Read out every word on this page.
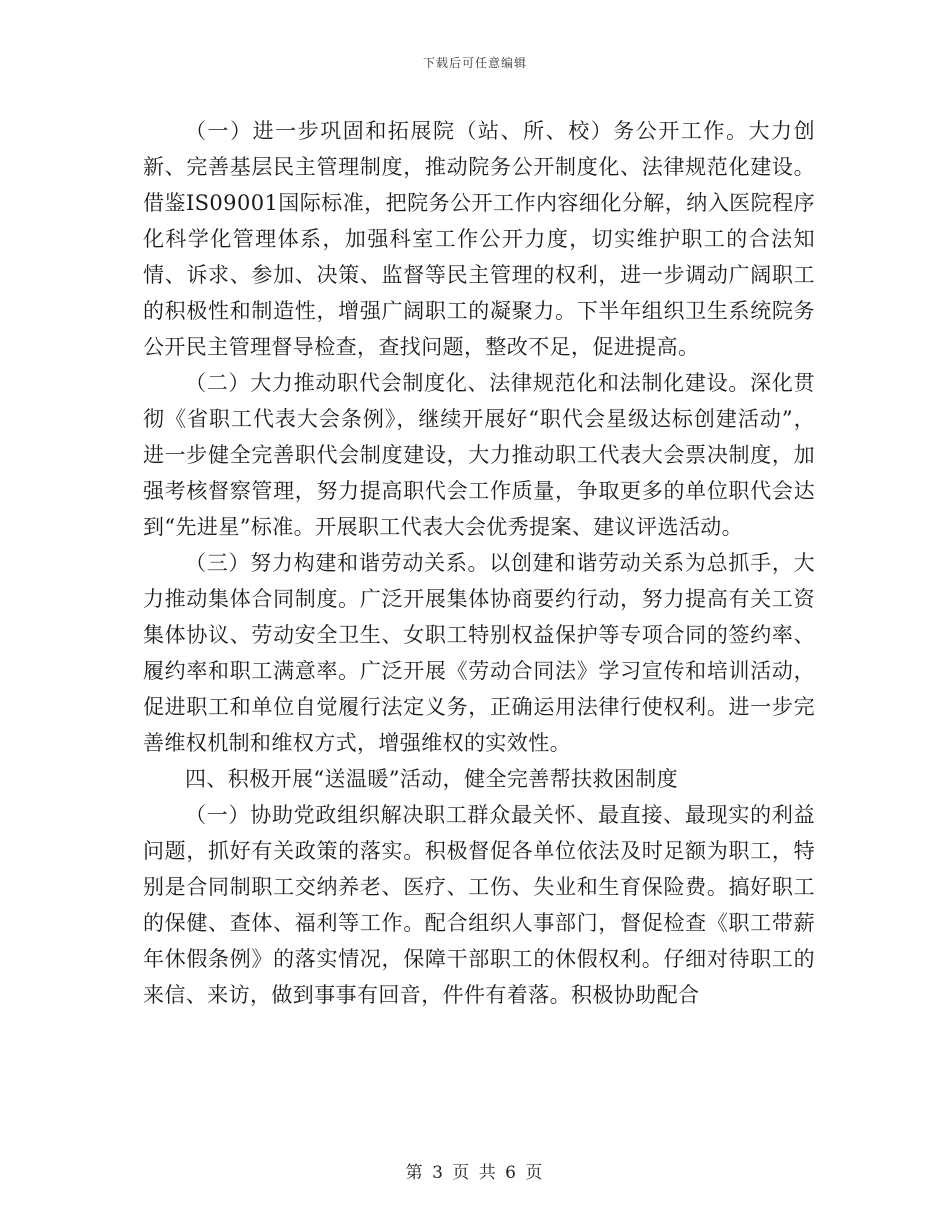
下载后可任意编辑

（一）进一步巩固和拓展院（站、所、校）务公开工作。大力创新、完善基层民主管理制度，推动院务公开制度化、法律规范化建设。借鉴IS09001国际标准，把院务公开工作内容细化分解，纳入医院程序化科学化管理体系，加强科室工作公开力度，切实维护职工的合法知情、诉求、参加、决策、监督等民主管理的权利，进一步调动广阔职工的积极性和制造性，增强广阔职工的凝聚力。下半年组织卫生系统院务公开民主管理督导检查，查找问题，整改不足，促进提高。

（二）大力推动职代会制度化、法律规范化和法制化建设。深化贯彻《省职工代表大会条例》，继续开展好“职代会星级达标创建活动”，进一步健全完善职代会制度建设，大力推动职工代表大会票决制度，加强考核督察管理，努力提高职代会工作质量，争取更多的单位职代会达到“先进星”标准。开展职工代表大会优秀提案、建议评选活动。

（三）努力构建和谐劳动关系。以创建和谐劳动关系为总抓手，大力推动集体合同制度。广泛开展集体协商要约行动，努力提高有关工资集体协议、劳动安全卫生、女职工特别权益保护等专项合同的签约率、履约率和职工满意率。广泛开展《劳动合同法》学习宣传和培训活动，促进职工和单位自觉履行法定义务，正确运用法律行使权利。进一步完善维权机制和维权方式，增强维权的实效性。

四、积极开展“送温暖”活动，健全完善帮扶救困制度

（一）协助党政组织解决职工群众最关怀、最直接、最现实的利益问题，抓好有关政策的落实。积极督促各单位依法及时足额为职工，特别是合同制职工交纳养老、医疗、工伤、失业和生育保险费。搞好职工的保健、查体、福利等工作。配合组织人事部门，督促检查《职工带薪年休假条例》的落实情况，保障干部职工的休假权利。仔细对待职工的来信、来访，做到事事有回音，件件有着落。积极协助配合

第 3 页 共 6 页
